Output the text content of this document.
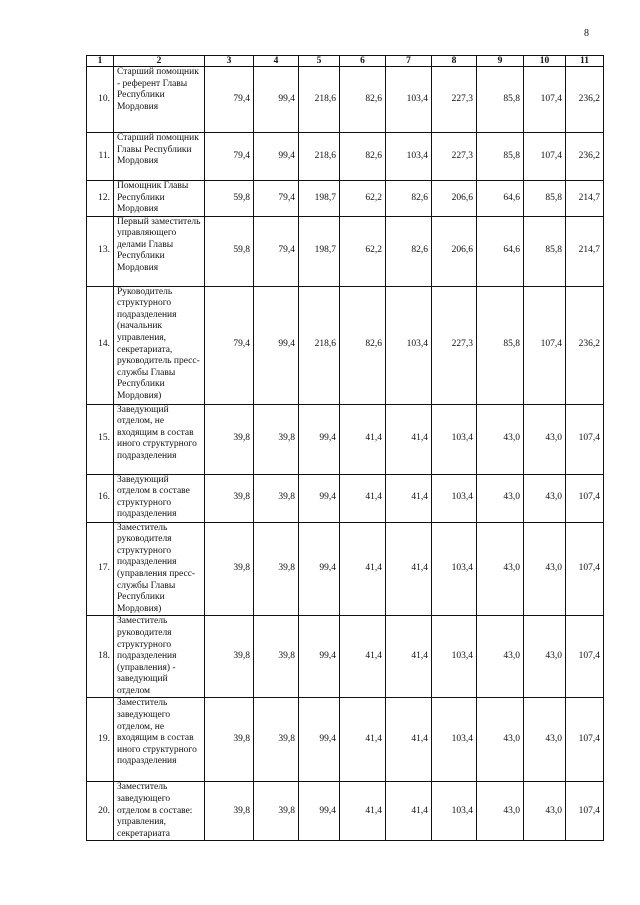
8
1	2	3	4	5	6	7	8	9	10	11
10.	Старший помощник - референт Главы Республики Мордовия	79,4	99,4	218,6	82,6	103,4	227,3	85,8	107,4	236,2
11.	Старший помощник Главы Республики Мордовия	79,4	99,4	218,6	82,6	103,4	227,3	85,8	107,4	236,2
12.	Помощник Главы Республики Мордовия	59,8	79,4	198,7	62,2	82,6	206,6	64,6	85,8	214,7
13.	Первый заместитель управляющего делами Главы Республики Мордовия	59,8	79,4	198,7	62,2	82,6	206,6	64,6	85,8	214,7
14.	Руководитель структурного подразделения (начальник управления, секретариата, руководитель пресс-службы Главы Республики Мордовия)	79,4	99,4	218,6	82,6	103,4	227,3	85,8	107,4	236,2
15.	Заведующий отделом, не входящим в состав иного структурного подразделения	39,8	39,8	99,4	41,4	41,4	103,4	43,0	43,0	107,4
16.	Заведующий отделом в составе структурного подразделения	39,8	39,8	99,4	41,4	41,4	103,4	43,0	43,0	107,4
17.	Заместитель руководителя структурного подразделения (управления пресс-службы Главы Республики Мордовия)	39,8	39,8	99,4	41,4	41,4	103,4	43,0	43,0	107,4
18.	Заместитель руководителя структурного подразделения (управления) - заведующий отделом	39,8	39,8	99,4	41,4	41,4	103,4	43,0	43,0	107,4
19.	Заместитель заведующего отделом, не входящим в состав иного структурного подразделения	39,8	39,8	99,4	41,4	41,4	103,4	43,0	43,0	107,4
20.	Заместитель заведующего отделом в составе: управления, секретариата	39,8	39,8	99,4	41,4	41,4	103,4	43,0	43,0	107,4
